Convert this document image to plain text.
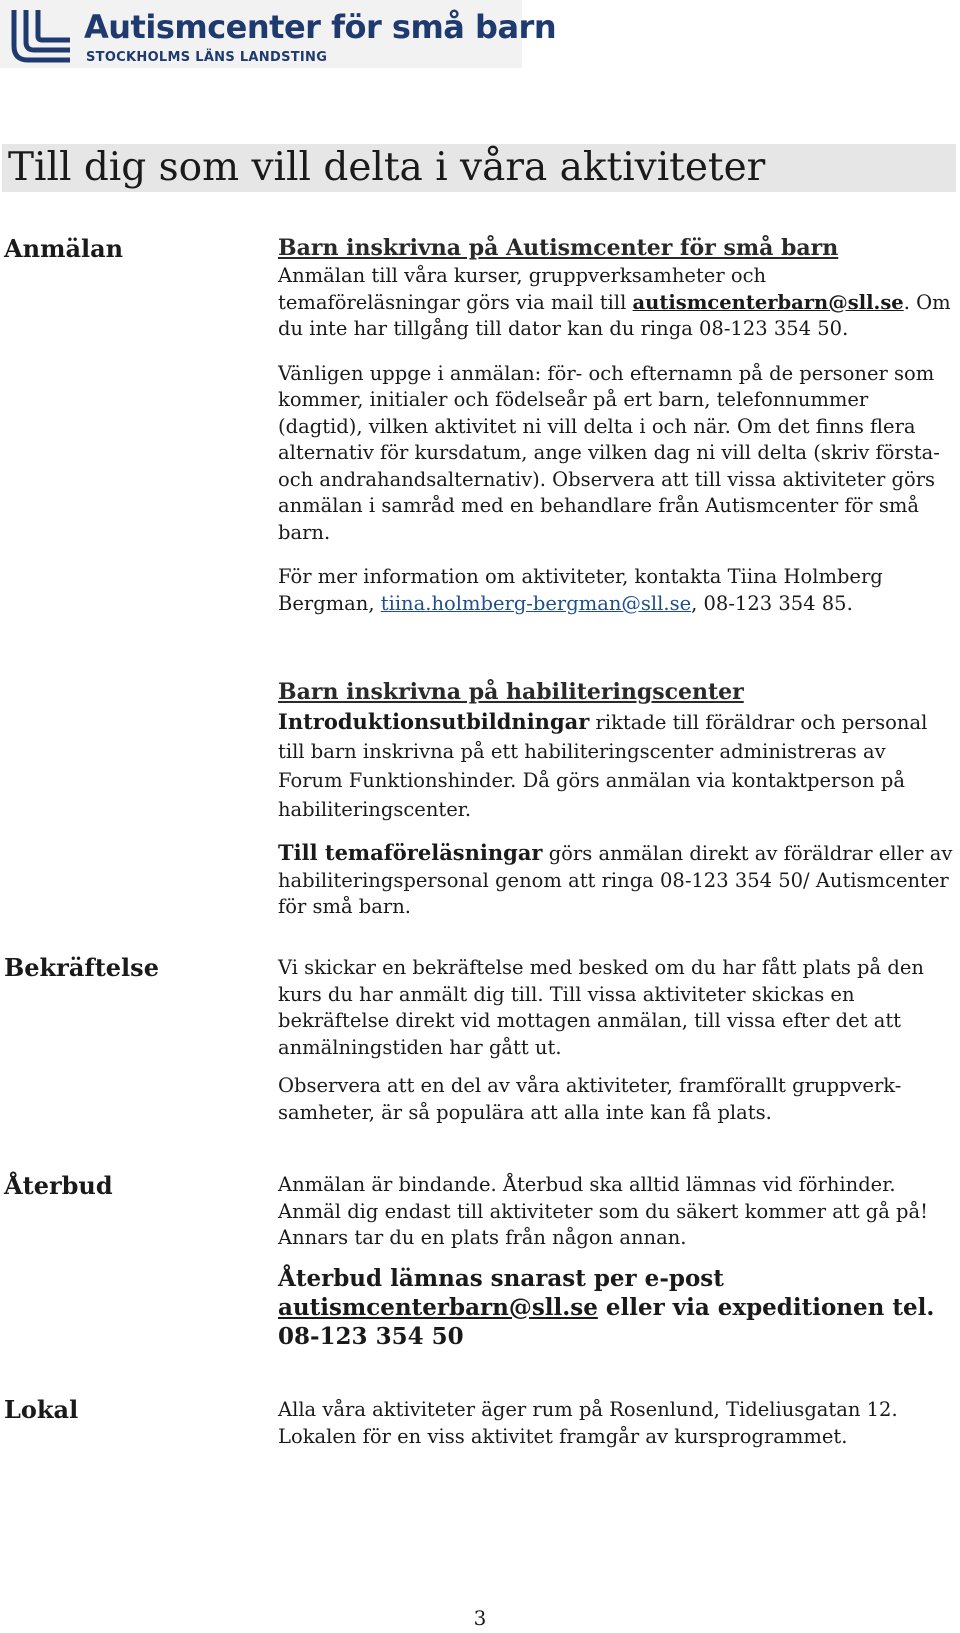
Autismcenter för små barn
STOCKHOLMS LÄNS LANDSTING
Till dig som vill delta i våra aktiviteter
Anmälan	Barn inskrivna på Autismcenter för små barn

Anmälan till våra kurser, gruppverksamheter och temaföreläsningar görs via mail till autismcenterbarn@sll.se. Om du inte har tillgång till dator kan du ringa 08-123 354 50.

Vänligen uppge i anmälan: för- och efternamn på de personer som kommer, initialer och födelseår på ert barn, telefonnummer (dagtid), vilken aktivitet ni vill delta i och när. Om det finns flera alternativ för kursdatum, ange vilken dag ni vill delta (skriv första- och andrahandsalternativ). Observera att till vissa aktiviteter görs anmälan i samråd med en behandlare från Autismcenter för små barn.

För mer information om aktiviteter, kontakta Tiina Holmberg Bergman, tiina.holmberg-bergman@sll.se, 08-123 354 85.

Barn inskrivna på habiliteringscenter

Introduktionsutbildningar riktade till föräldrar och personal till barn inskrivna på ett habiliteringscenter administreras av Forum Funktionshinder. Då görs anmälan via kontaktperson på habiliteringscenter.

Till temaföreläsningar görs anmälan direkt av föräldrar eller av habiliteringspersonal genom att ringa 08-123 354 50/ Autismcenter för små barn.

Bekräftelse	Vi skickar en bekräftelse med besked om du har fått plats på den kurs du har anmält dig till. Till vissa aktiviteter skickas en bekräftelse direkt vid mottagen anmälan, till vissa efter det att anmälningstiden har gått ut.

Observera att en del av våra aktiviteter, framförallt gruppverk-samheter, är så populära att alla inte kan få plats.

Återbud	Anmälan är bindande. Återbud ska alltid lämnas vid förhinder. Anmäl dig endast till aktiviteter som du säkert kommer att gå på! Annars tar du en plats från någon annan.

Återbud lämnas snarast per e-post autismcenterbarn@sll.se eller via expeditionen tel. 08-123 354 50

Lokal	Alla våra aktiviteter äger rum på Rosenlund, Tideliusgatan 12. Lokalen för en viss aktivitet framgår av kursprogrammet.

3
